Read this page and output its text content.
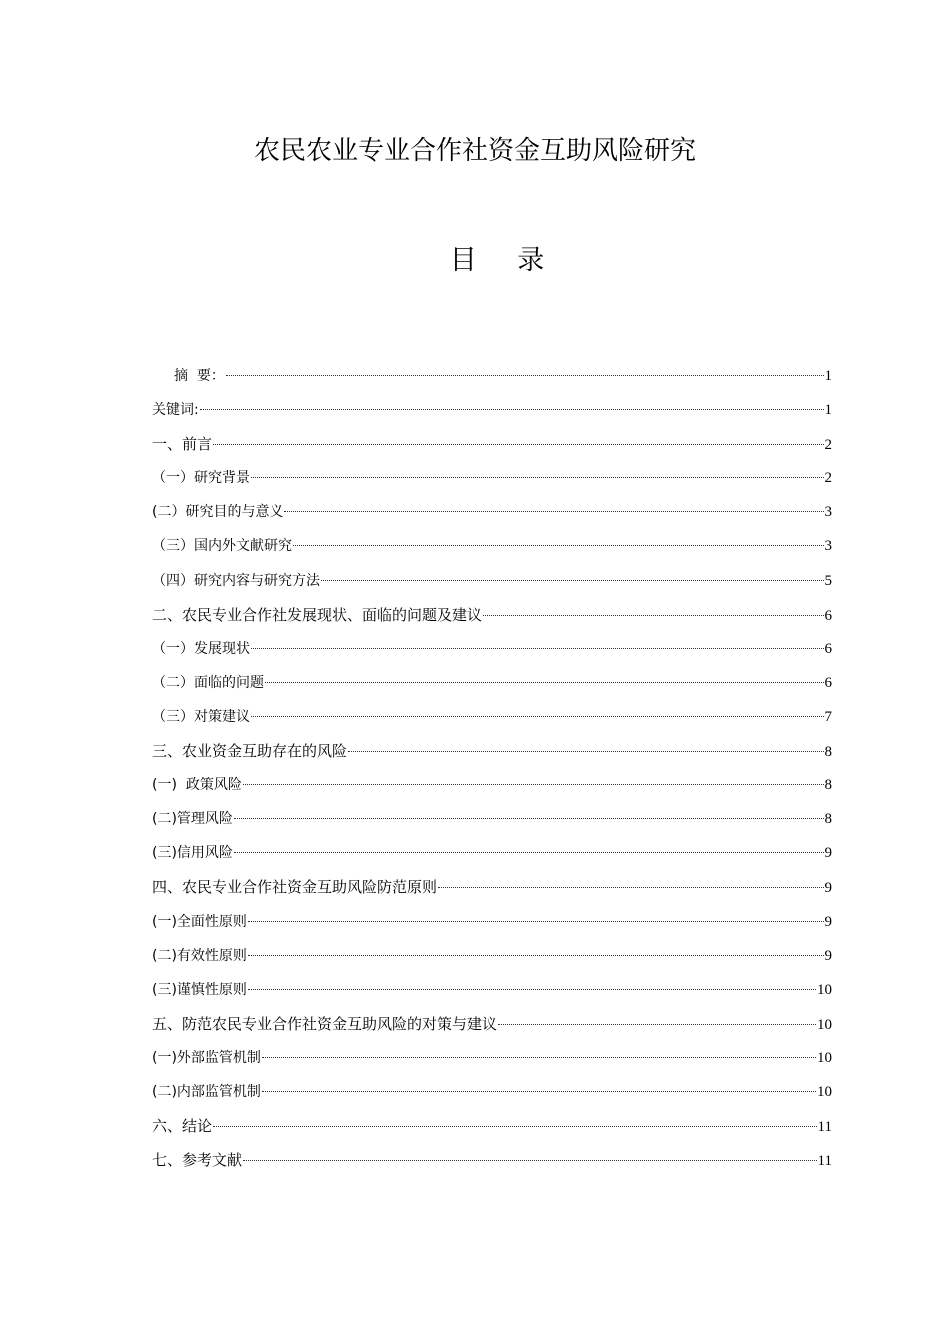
农民农业专业合作社资金互助风险研究
目 录
摘  要：	1
关键词:	1
一、前言	2
（一）研究背景	2
(二）研究目的与意义	3
（三）国内外文献研究	3
（四）研究内容与研究方法	5
二、农民专业合作社发展现状、面临的问题及建议	6
（一）发展现状	6
（二）面临的问题	6
（三）对策建议	7
三、农业资金互助存在的风险	8
(一)  政策风险	8
(二)管理风险	8
(三)信用风险	9
四、农民专业合作社资金互助风险防范原则	9
(一)全面性原则	9
(二)有效性原则	9
(三)谨慎性原则	10
五、防范农民专业合作社资金互助风险的对策与建议	10
(一)外部监管机制	10
(二)内部监管机制	10
六、结论	11
七、参考文献	11
